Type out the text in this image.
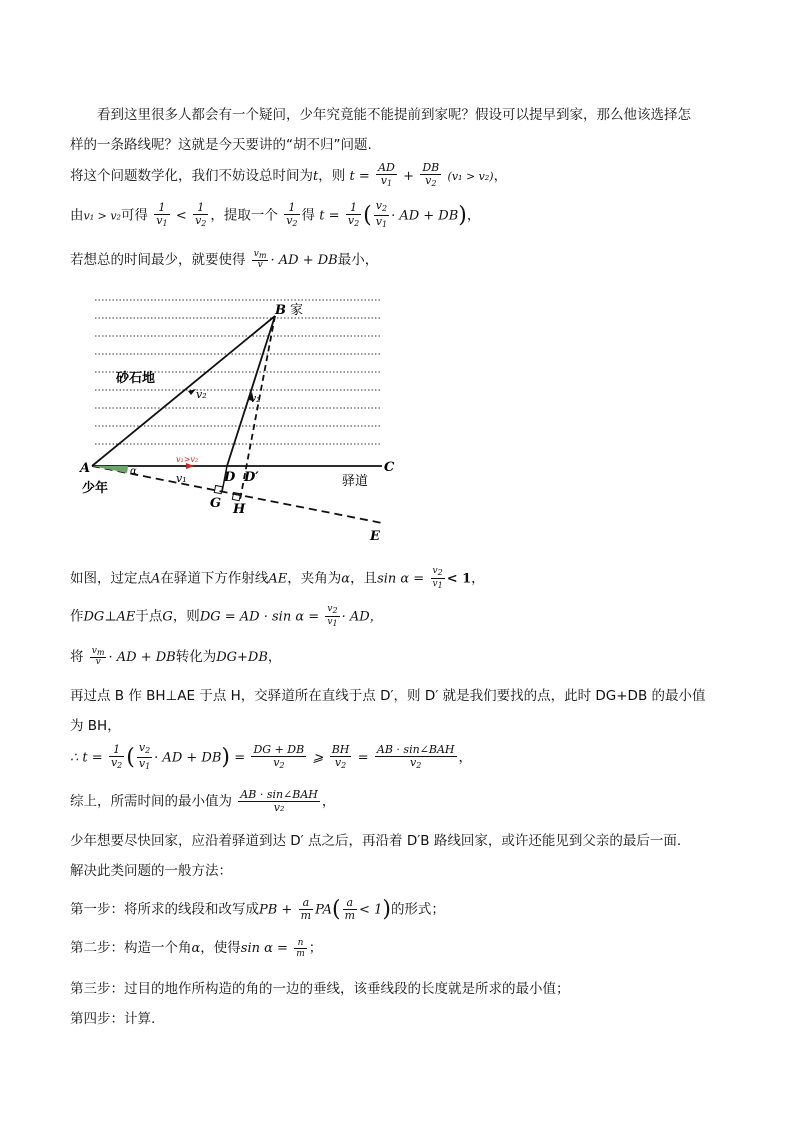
看到这里很多人都会有一个疑问，少年究竟能不能提前到家呢？假设可以提早到家，那么他该选择怎
样的一条路线呢？这就是今天要讲的“胡不归”问题.
将这个问题数学化，我们不妨设总时间为t，则 $t = \frac{AD}{v_1} + \frac{DB}{v_2} (v_1 > v_2)$，
由v₁ > v₂可得 $\frac{1}{v_1} < \frac{1}{v_2}$ ，提取一个 $\frac{1}{v_2}$ 得 $t = \frac{1}{v_2}$ ( $\frac{v_2}{v_1}$ · AD + DB)，
若想总的时间最少，就要使得 $\frac{vm}{v}$ · AD + DB最小，
砂石地
B 家
A
少年
α	D D′
C
驿道
G H
E
v₁
v₂	v₂
v₁>v₂
如图，过定点A在驿道下方作射线AE，夹角为α，且$\sin \alpha = \frac{v2}{v1} < 1$，
作DG⊥AE于点G，则DG = AD · $\sin \alpha = \frac{v2}{v1}$ · AD，
将 $\frac{vm}{v}$ · AD + DB转化为DG+DB，
再过点 B 作 BH⊥AE 于点 H，交驿道所在直线于点 D′，则 D′ 就是我们要找的点，此时 DG+DB 的最小值
为 BH，
∴ $t = \frac{1}{v_2}$ ( $\frac{v_2}{v_1}$ · AD + $DB) = \frac{DG + DB}{v_2}$ ⩾ $\frac{BH}{v_2} = \frac{\text{AB · sin∠BAH}}{v_2}$ ，
综上，所需时间的最小值为 $\frac{\text{AB · sin∠BAH}}{\text{v₂}}$ ，
少年想要尽快回家，应沿着驿道到达 D′ 点之后，再沿着 D′B 路线回家，或许还能见到父亲的最后一面.
解决此类问题的一般方法：
第一步：将所求的线段和改写成PB + $\frac{a}{m} PA( \frac{a}{m} < 1)$的形式；
第二步：构造一个角α，使得$\sin \alpha = \frac{n}{m}$ ；
第三步：过目的地作所构造的角的一边的垂线，该垂线段的长度就是所求的最小值；
第四步：计算.
